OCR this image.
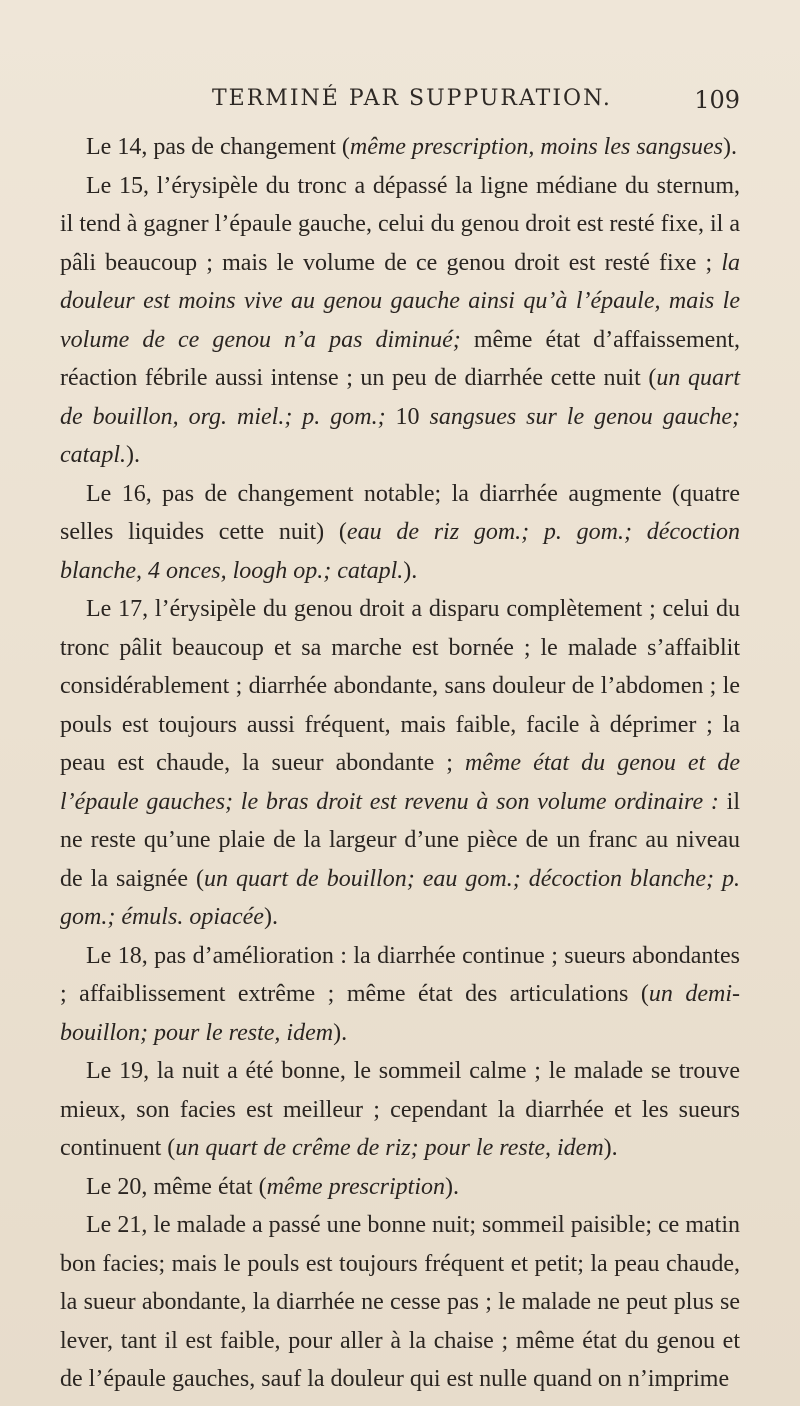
TERMINÉ PAR SUPPURATION.	109

Le 14, pas de changement (même prescription, moins les sangsues).

Le 15, l’érysipèle du tronc a dépassé la ligne médiane du sternum, il tend à gagner l’épaule gauche, celui du genou droit est resté fixe, il a pâli beaucoup ; mais le volume de ce genou droit est resté fixe ; la douleur est moins vive au genou gauche ainsi qu’à l’épaule, mais le volume de ce genou n’a pas diminué; même état d’affaissement, réaction fébrile aussi intense ; un peu de diarrhée cette nuit (un quart de bouillon, org. miel.; p. gom.; 10 sangsues sur le genou gauche; catapl.).

Le 16, pas de changement notable; la diarrhée augmente (quatre selles liquides cette nuit) (eau de riz gom.; p. gom.; décoction blanche, 4 onces, loogh op.; catapl.).

Le 17, l’érysipèle du genou droit a disparu complètement ; celui du tronc pâlit beaucoup et sa marche est bornée ; le malade s’affaiblit considérablement ; diarrhée abondante, sans douleur de l’abdomen ; le pouls est toujours aussi fréquent, mais faible, facile à déprimer ; la peau est chaude, la sueur abondante ; même état du genou et de l’épaule gauches; le bras droit est revenu à son volume ordinaire : il ne reste qu’une plaie de la largeur d’une pièce de un franc au niveau de la saignée (un quart de bouillon; eau gom.; décoction blanche; p. gom.; émuls. opiacée).

Le 18, pas d’amélioration : la diarrhée continue ; sueurs abondantes ; affaiblissement extrême ; même état des articulations (un demi-bouillon; pour le reste, idem).

Le 19, la nuit a été bonne, le sommeil calme ; le malade se trouve mieux, son facies est meilleur ; cependant la diarrhée et les sueurs continuent (un quart de crême de riz; pour le reste, idem).

Le 20, même état (même prescription).

Le 21, le malade a passé une bonne nuit; sommeil paisible; ce matin bon facies; mais le pouls est toujours fréquent et petit; la peau chaude, la sueur abondante, la diarrhée ne cesse pas ; le malade ne peut plus se lever, tant il est faible, pour aller à la chaise ; même état du genou et de l’épaule gauches, sauf la douleur qui est nulle quand on n’imprime
